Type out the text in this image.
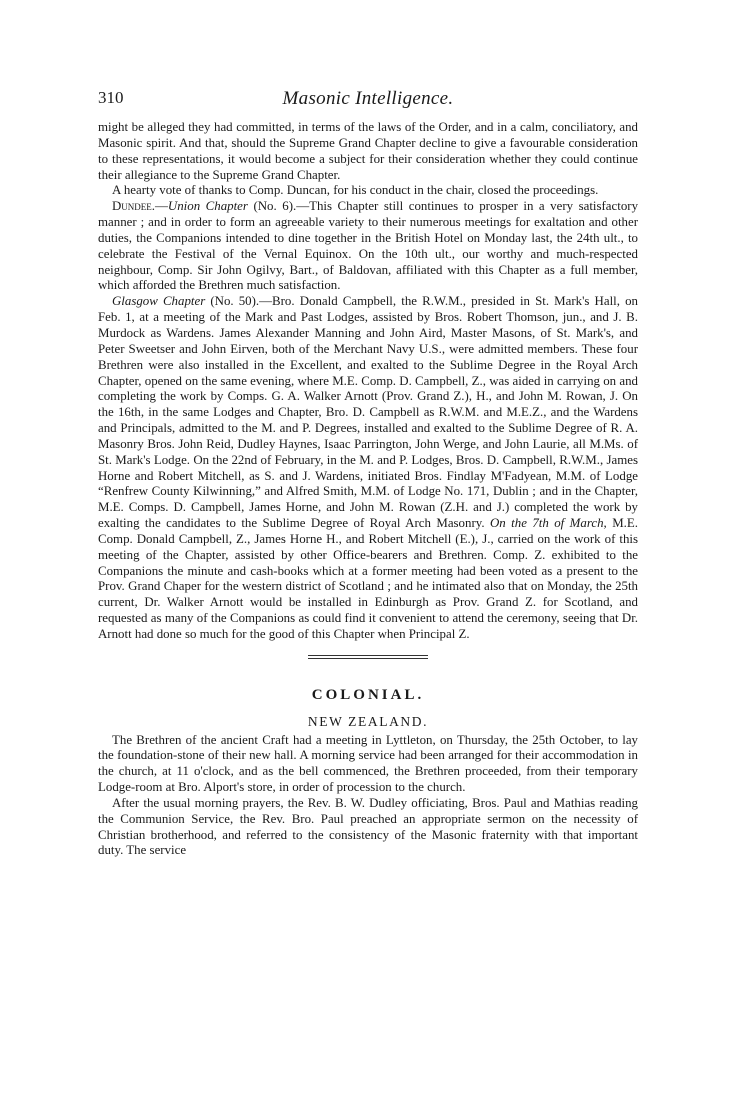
310	Masonic Intelligence.

might be alleged they had committed, in terms of the laws of the Order, and in a calm, conciliatory, and Masonic spirit. And that, should the Supreme Grand Chapter decline to give a favourable consideration to these representations, it would become a subject for their consideration whether they could continue their allegiance to the Supreme Grand Chapter.

A hearty vote of thanks to Comp. Duncan, for his conduct in the chair, closed the proceedings.

Dundee.—Union Chapter (No. 6).—This Chapter still continues to prosper in a very satisfactory manner ; and in order to form an agreeable variety to their numerous meetings for exaltation and other duties, the Companions intended to dine together in the British Hotel on Monday last, the 24th ult., to celebrate the Festival of the Vernal Equinox. On the 10th ult., our worthy and much-respected neighbour, Comp. Sir John Ogilvy, Bart., of Baldovan, affiliated with this Chapter as a full member, which afforded the Brethren much satisfaction.

Glasgow Chapter (No. 50).—Bro. Donald Campbell, the R.W.M., presided in St. Mark's Hall, on Feb. 1, at a meeting of the Mark and Past Lodges, assisted by Bros. Robert Thomson, jun., and J. B. Murdock as Wardens. James Alexander Manning and John Aird, Master Masons, of St. Mark's, and Peter Sweetser and John Eirven, both of the Merchant Navy U.S., were admitted members. These four Brethren were also installed in the Excellent, and exalted to the Sublime Degree in the Royal Arch Chapter, opened on the same evening, where M.E. Comp. D. Campbell, Z., was aided in carrying on and completing the work by Comps. G. A. Walker Arnott (Prov. Grand Z.), H., and John M. Rowan, J. On the 16th, in the same Lodges and Chapter, Bro. D. Campbell as R.W.M. and M.E.Z., and the Wardens and Principals, admitted to the M. and P. Degrees, installed and exalted to the Sublime Degree of R. A. Masonry Bros. John Reid, Dudley Haynes, Isaac Parrington, John Werge, and John Laurie, all M.Ms. of St. Mark's Lodge. On the 22nd of February, in the M. and P. Lodges, Bros. D. Campbell, R.W.M., James Horne and Robert Mitchell, as S. and J. Wardens, initiated Bros. Findlay M'Fadyean, M.M. of Lodge “Renfrew County Kilwinning,” and Alfred Smith, M.M. of Lodge No. 171, Dublin ; and in the Chapter, M.E. Comps. D. Campbell, James Horne, and John M. Rowan (Z.H. and J.) completed the work by exalting the candidates to the Sublime Degree of Royal Arch Masonry. On the 7th of March, M.E. Comp. Donald Campbell, Z., James Horne H., and Robert Mitchell (E.), J., carried on the work of this meeting of the Chapter, assisted by other Office-bearers and Brethren. Comp. Z. exhibited to the Companions the minute and cash-books which at a former meeting had been voted as a present to the Prov. Grand Chaper for the western district of Scotland ; and he intimated also that on Monday, the 25th current, Dr. Walker Arnott would be installed in Edinburgh as Prov. Grand Z. for Scotland, and requested as many of the Companions as could find it convenient to attend the ceremony, seeing that Dr. Arnott had done so much for the good of this Chapter when Principal Z.

COLONIAL.
NEW ZEALAND.

The Brethren of the ancient Craft had a meeting in Lyttleton, on Thursday, the 25th October, to lay the foundation-stone of their new hall. A morning service had been arranged for their accommodation in the church, at 11 o'clock, and as the bell commenced, the Brethren proceeded, from their temporary Lodge-room at Bro. Alport's store, in order of procession to the church.

After the usual morning prayers, the Rev. B. W. Dudley officiating, Bros. Paul and Mathias reading the Communion Service, the Rev. Bro. Paul preached an appropriate sermon on the necessity of Christian brotherhood, and referred to the consistency of the Masonic fraternity with that important duty. The service
